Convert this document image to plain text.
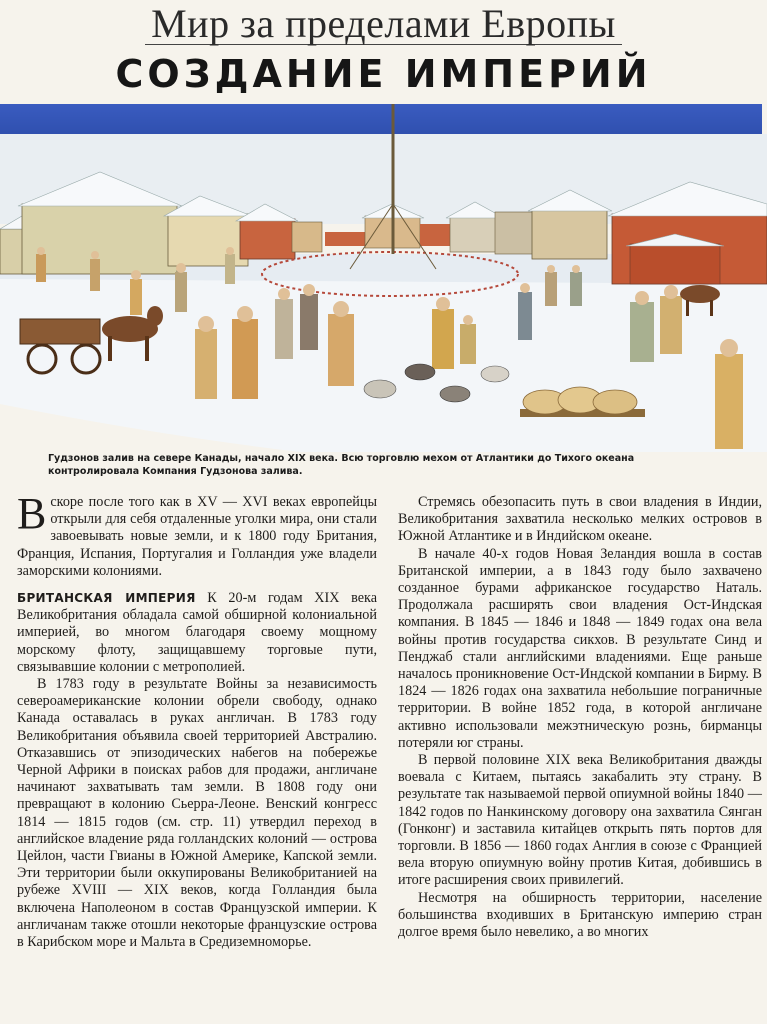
Мир за пределами Европы
СОЗДАНИЕ ИМПЕРИЙ
Гудзонов залив на севере Канады, начало XIX века. Всю торговлю мехом от Атлантики до Тихого океана
контролировала Компания Гудзонова залива.

Вскоре после того как в XV — XVI веках европейцы открыли для себя отдаленные уголки мира, они стали завоевывать новые земли, и к 1800 году Британия, Франция, Испания, Португалия и Голландия уже владели заморскими колониями.

БРИТАНСКАЯ ИМПЕРИЯ К 20-м годам XIX века Великобритания обладала самой обширной колониальной империей, во многом благодаря своему мощному морскому флоту, защищавшему торговые пути, связывавшие колонии с метрополией.

В 1783 году в результате Войны за независимость североамериканские колонии обрели свободу, однако Канада оставалась в руках англичан. В 1783 году Великобритания объявила своей территорией Австралию. Отказавшись от эпизодических набегов на побережье Черной Африки в поисках рабов для продажи, англичане начинают захватывать там земли. В 1808 году они превращают в колонию Сьерра-Леоне. Венский конгресс 1814 — 1815 годов (см. стр. 11) утвердил переход в английское владение ряда голландских колоний — острова Цейлон, части Гвианы в Южной Америке, Капской земли. Эти территории были оккупированы Великобританией на рубеже XVIII — XIX веков, когда Голландия была включена Наполеоном в состав Французской империи. К англичанам также отошли некоторые французские острова в Карибском море и Мальта в Средиземноморье.

Стремясь обезопасить путь в свои владения в Индии, Великобритания захватила несколько мелких островов в Южной Атлантике и в Индийском океане.

В начале 40-х годов Новая Зеландия вошла в состав Британской империи, а в 1843 году было захвачено созданное бурами африканское государство Наталь. Продолжала расширять свои владения Ост-Индская компания. В 1845 — 1846 и 1848 — 1849 годах она вела войны против государства сикхов. В результате Синд и Пенджаб стали английскими владениями. Еще раньше началось проникновение Ост-Индской компании в Бирму. В 1824 — 1826 годах она захватила небольшие пограничные территории. В войне 1852 года, в которой англичане активно использовали межэтническую рознь, бирманцы потеряли юг страны.

В первой половине XIX века Великобритания дважды воевала с Китаем, пытаясь закабалить эту страну. В результате так называемой первой опиумной войны 1840 — 1842 годов по Нанкинскому договору она захватила Сянган (Гонконг) и заставила китайцев открыть пять портов для торговли. В 1856 — 1860 годах Англия в союзе с Францией вела вторую опиумную войну против Китая, добившись в итоге расширения своих привилегий.

Несмотря на обширность территории, население большинства входивших в Британскую империю стран долгое время было невелико, а во многих
